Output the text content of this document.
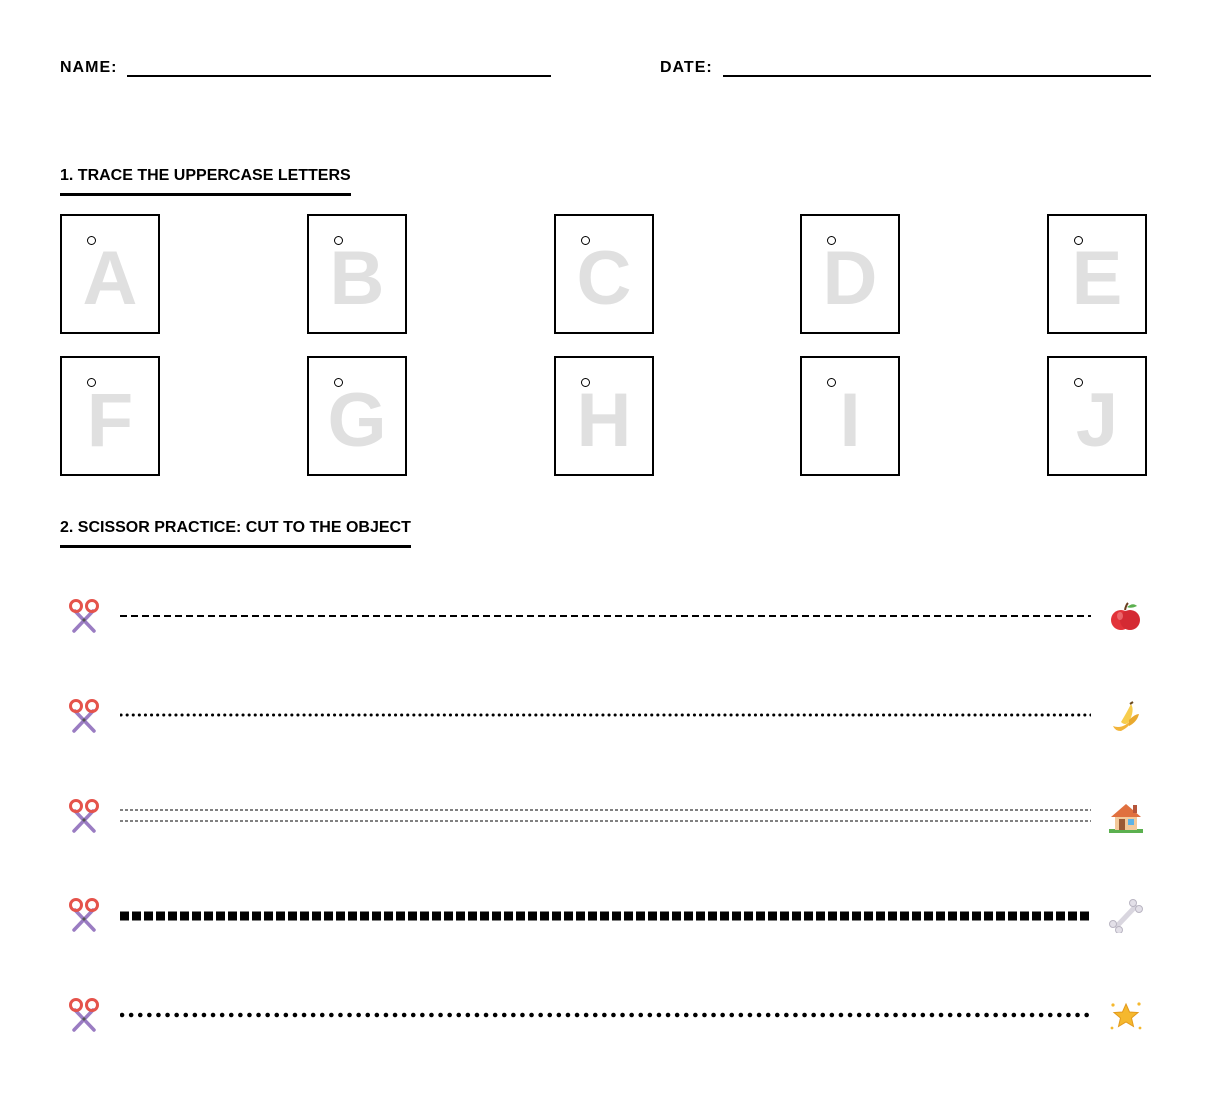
NAME:	DATE:
1. TRACE THE UPPERCASE LETTERS
A	B	C	D	E
F	G H	I	J
2. SCISSOR PRACTICE: CUT TO THE OBJECT
